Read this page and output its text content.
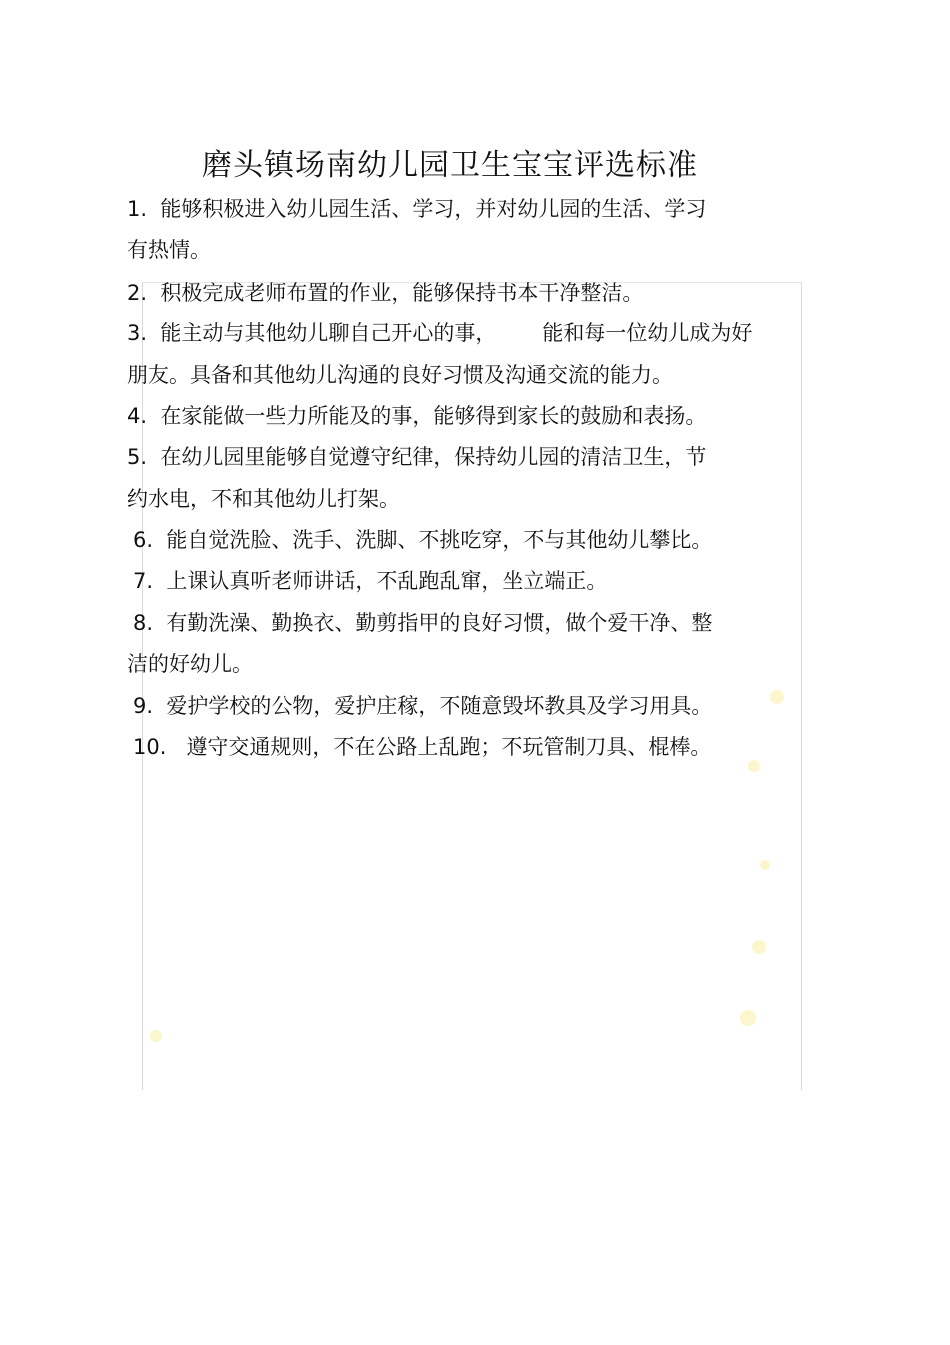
磨头镇场南幼儿园卫生宝宝评选标准
1. 能够积极进入幼儿园生活、学习，并对幼儿园的生活、学习
有热情。
2. 积极完成老师布置的作业，能够保持书本干净整洁。
3. 能主动与其他幼儿聊自己开心的事， 能和每一位幼儿成为好
朋友。具备和其他幼儿沟通的良好习惯及沟通交流的能力。
4. 在家能做一些力所能及的事，能够得到家长的鼓励和表扬。
5. 在幼儿园里能够自觉遵守纪律，保持幼儿园的清洁卫生，节
约水电，不和其他幼儿打架。
6. 能自觉洗脸、洗手、洗脚、不挑吃穿，不与其他幼儿攀比。
7. 上课认真听老师讲话，不乱跑乱窜，坐立端正。
8. 有勤洗澡、勤换衣、勤剪指甲的良好习惯，做个爱干净、整
洁的好幼儿。
9. 爱护学校的公物，爱护庄稼，不随意毁坏教具及学习用具。
10. 遵守交通规则，不在公路上乱跑；不玩管制刀具、棍棒。
